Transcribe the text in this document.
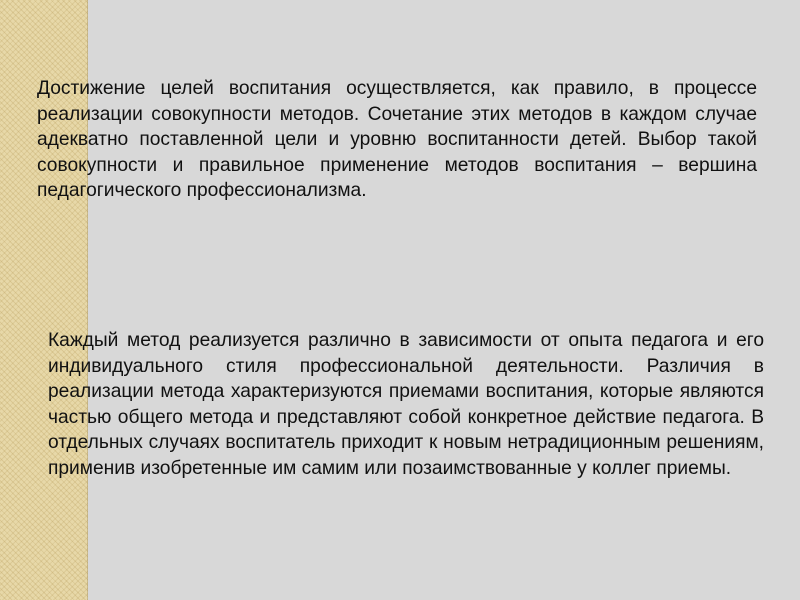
Достижение целей воспитания осуществляется, как правило, в процессе реализации совокупности методов. Сочетание этих методов в каждом случае адекватно поставленной цели и уровню воспитанности детей. Выбор такой совокупности и правильное применение методов воспитания – вершина педагогического профессионализма.

Каждый метод реализуется различно в зависимости от опыта педагога и его индивидуального стиля профессиональной деятельности. Различия в реализации метода характеризуются приемами воспитания, которые являются частью общего метода и представляют собой конкретное действие педагога. В отдельных случаях воспитатель приходит к новым нетрадиционным решениям, применив изобретенные им самим или позаимствованные у коллег приемы.
